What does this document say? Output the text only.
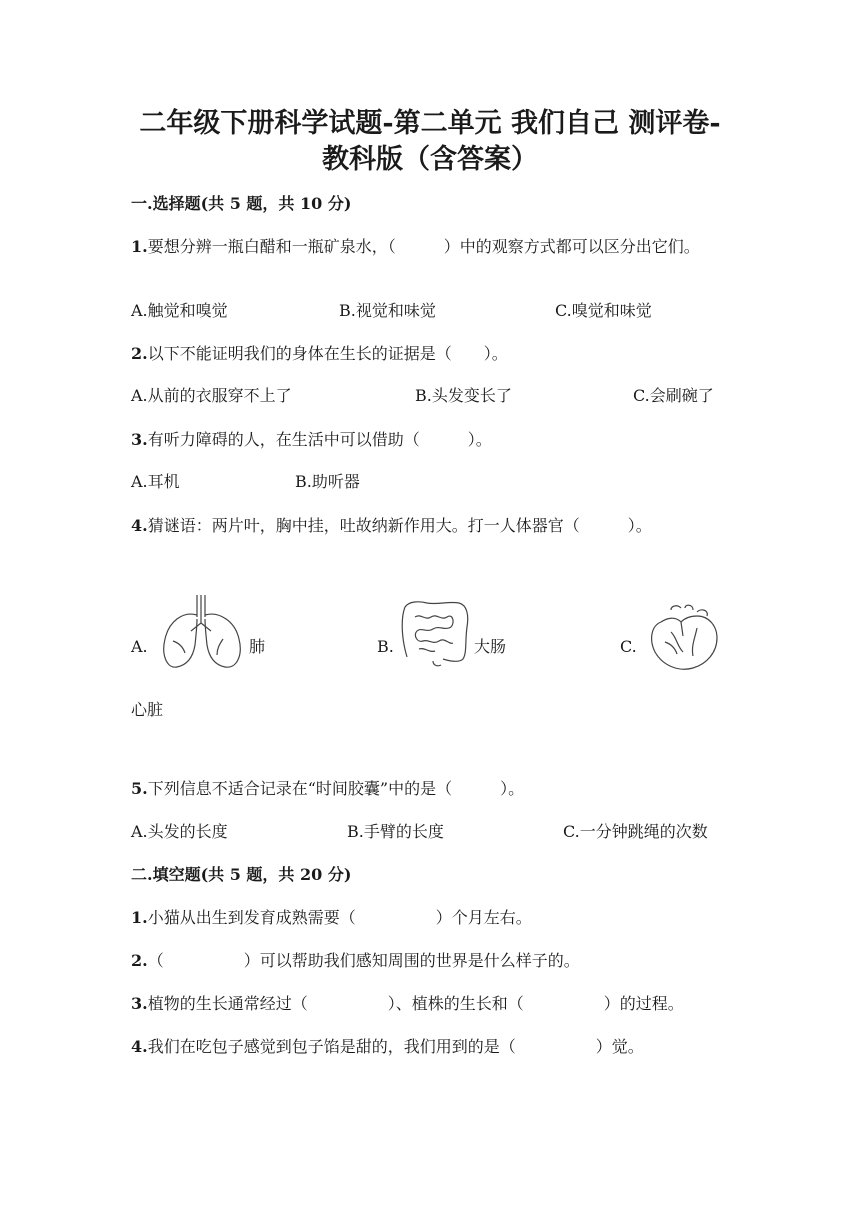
二年级下册科学试题-第二单元 我们自己 测评卷-
教科版（含答案）

一.选择题(共 5 题，共 10 分)

1.要想分辨一瓶白醋和一瓶矿泉水，（　　　）中的观察方式都可以区分出它们。

A.触觉和嗅觉	B.视觉和味觉	C.嗅觉和味觉

2.以下不能证明我们的身体在生长的证据是（　　）。

A.从前的衣服穿不上了	B.头发变长了	C.会刷碗了

3.有听力障碍的人，在生活中可以借助（　　　）。

A.耳机	B.助听器

4.猜谜语：两片叶，胸中挂，吐故纳新作用大。打一人体器官（　　　）。

A.	肺	B.	大肠	C.
心脏

5.下列信息不适合记录在“时间胶囊”中的是（　　　）。

A.头发的长度	B.手臂的长度	C.一分钟跳绳的次数

二.填空题(共 5 题，共 20 分)

1.小猫从出生到发育成熟需要（　　　　　）个月左右。

2.（　　　　　）可以帮助我们感知周围的世界是什么样子的。

3.植物的生长通常经过（　　　　　）、植株的生长和（　　　　　）的过程。

4.我们在吃包子感觉到包子馅是甜的，我们用到的是（　　　　　）觉。
